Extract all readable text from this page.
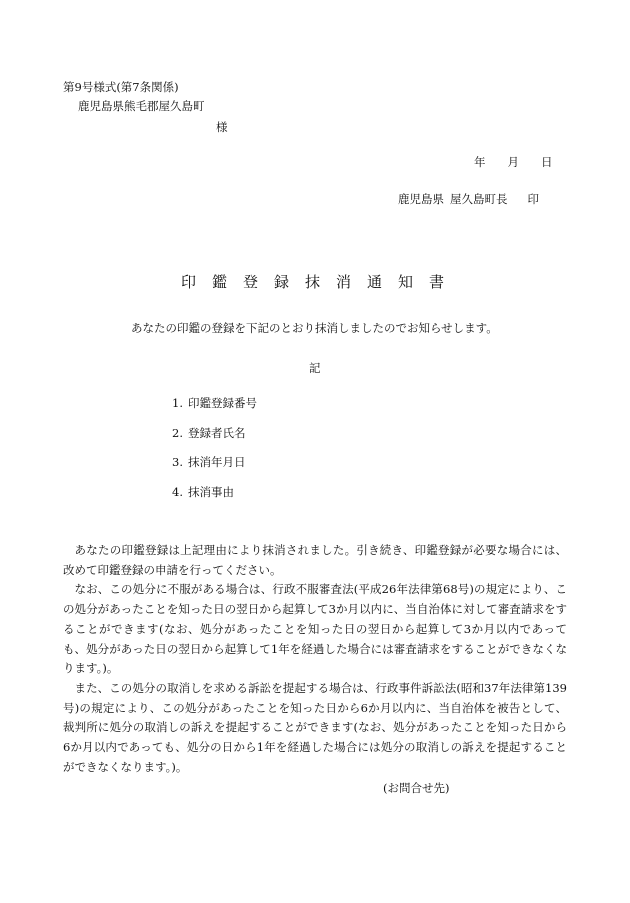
第9号様式(第7条関係)
鹿児島県熊毛郡屋久島町
様
年 月 日
鹿児島県 屋久島町長 印
印鑑登録抹消通知書
あなたの印鑑の登録を下記のとおり抹消しましたのでお知らせします。
記
1. 印鑑登録番号
2. 登録者氏名
3. 抹消年月日
4. 抹消事由

あなたの印鑑登録は上記理由により抹消されました。引き続き、印鑑登録が必要な場合には、改めて印鑑登録の申請を行ってください。

なお、この処分に不服がある場合は、行政不服審査法(平成26年法律第68号)の規定により、この処分があったことを知った日の翌日から起算して3か月以内に、当自治体に対して審査請求をすることができます(なお、処分があったことを知った日の翌日から起算して3か月以内であっても、処分があった日の翌日から起算して1年を経過した場合には審査請求をすることができなくなります。)。

また、この処分の取消しを求める訴訟を提起する場合は、行政事件訴訟法(昭和37年法律第139号)の規定により、この処分があったことを知った日から6か月以内に、当自治体を被告として、裁判所に処分の取消しの訴えを提起することができます(なお、処分があったことを知った日から6か月以内であっても、処分の日から1年を経過した場合には処分の取消しの訴えを提起することができなくなります。)。

(お問合せ先)
